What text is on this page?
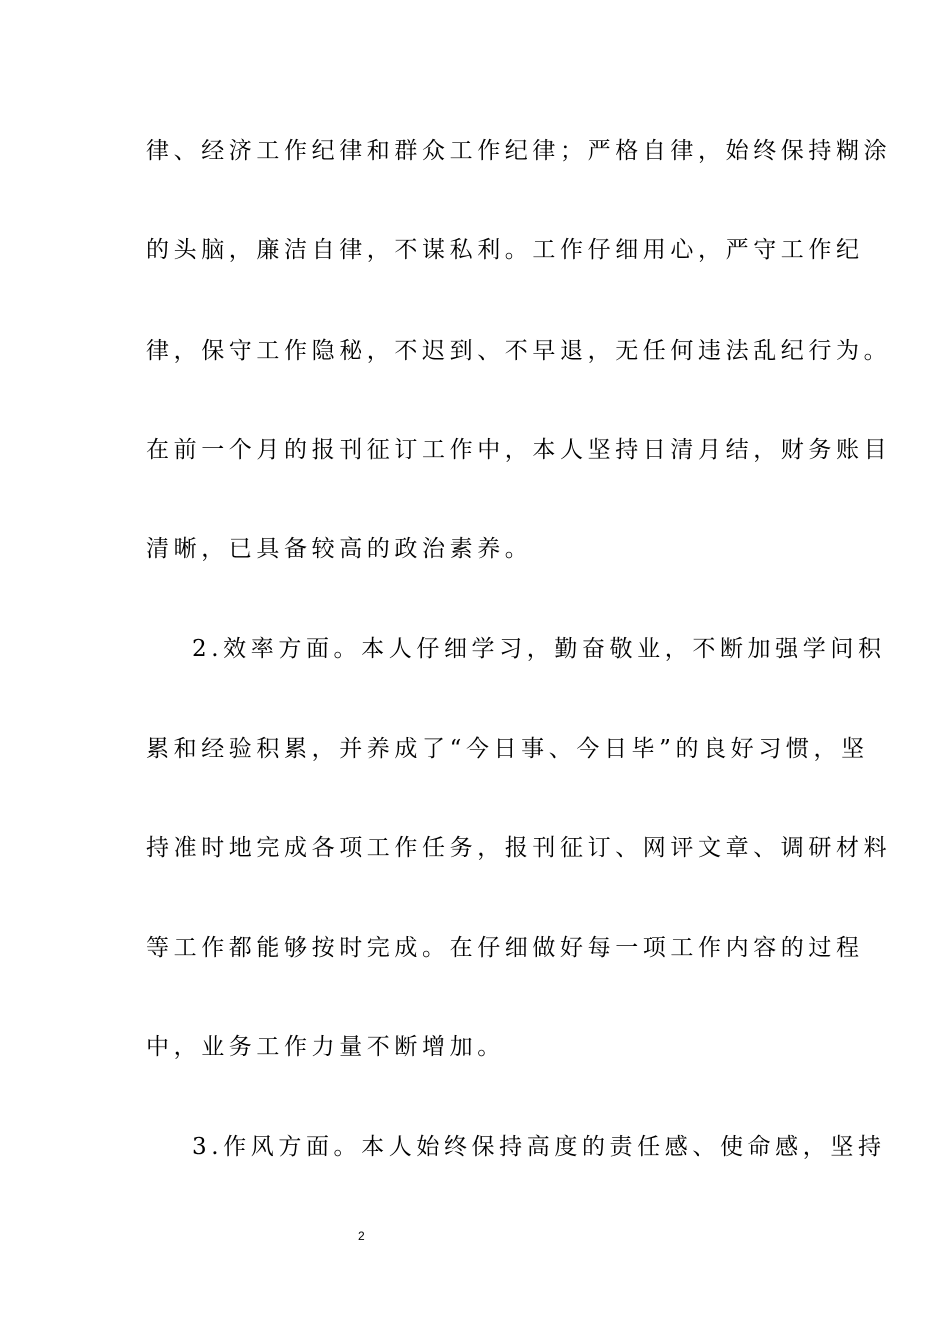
律、经济工作纪律和群众工作纪律；严格自律，始终保持糊涂
的头脑，廉洁自律，不谋私利。工作仔细用心，严守工作纪
律，保守工作隐秘，不迟到、不早退，无任何违法乱纪行为。
在前一个月的报刊征订工作中，本人坚持日清月结，财务账目
清晰，已具备较高的政治素养。
2.效率方面。本人仔细学习，勤奋敬业，不断加强学问积
累和经验积累，并养成了“今日事、今日毕”的良好习惯，坚
持准时地完成各项工作任务，报刊征订、网评文章、调研材料
等工作都能够按时完成。在仔细做好每一项工作内容的过程
中，业务工作力量不断增加。
3.作风方面。本人始终保持高度的责任感、使命感，坚持
2
